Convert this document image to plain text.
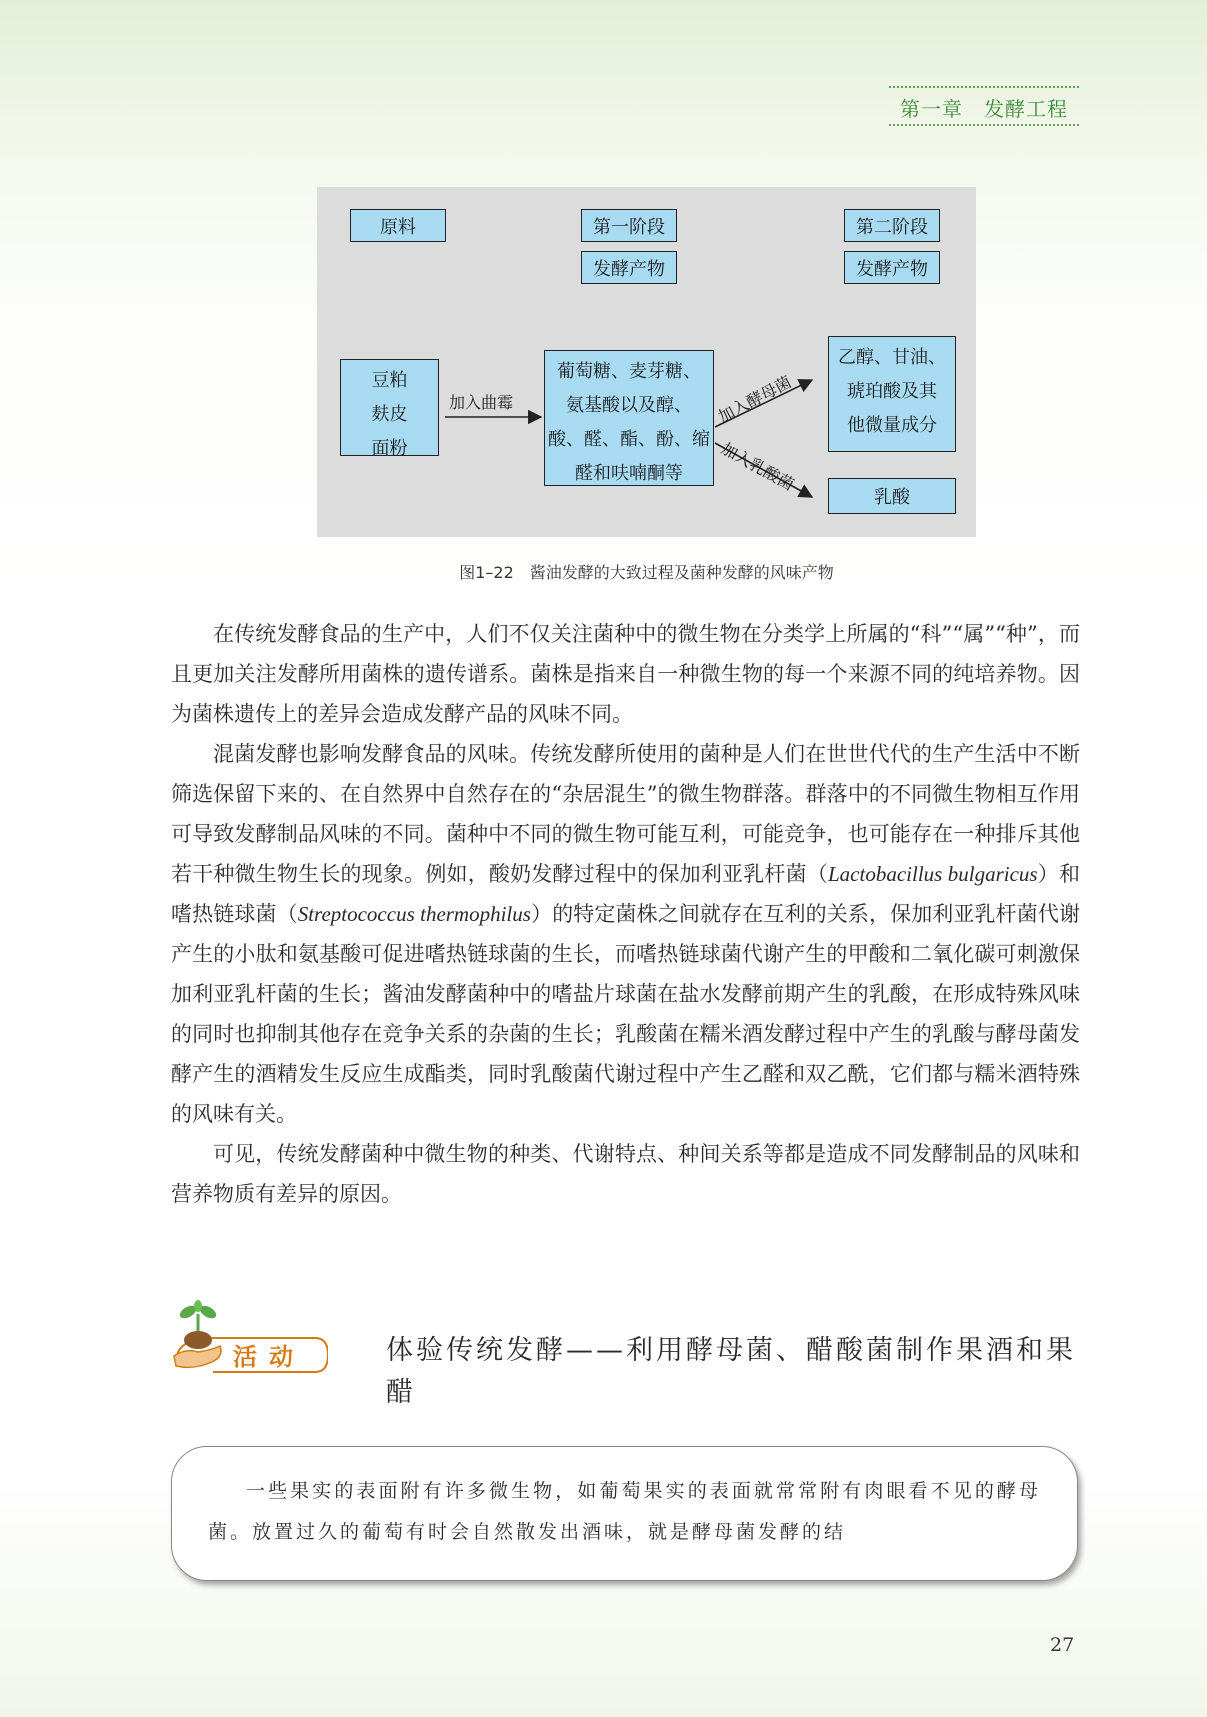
第一章　发酵工程
加入曲霉	加入酵母菌
加入乳酸菌
原料	第一阶段
发酵产物
第二阶段
发酵产物
豆粕
麸皮
面粉
葡萄糖、麦芽糖、
氨基酸以及醇、
酸、醛、酯、酚、缩
醛和呋喃酮等
乙醇、甘油、
琥珀酸及其
他微量成分
乳酸
图1–22　酱油发酵的大致过程及菌种发酵的风味产物

在传统发酵食品的生产中，人们不仅关注菌种中的微生物在分类学上所属的“科”“属”“种”，而且更加关注发酵所用菌株的遗传谱系。菌株是指来自一种微生物的每一个来源不同的纯培养物。因为菌株遗传上的差异会造成发酵产品的风味不同。

混菌发酵也影响发酵食品的风味。传统发酵所使用的菌种是人们在世世代代的生产生活中不断筛选保留下来的、在自然界中自然存在的“杂居混生”的微生物群落。群落中的不同微生物相互作用可导致发酵制品风味的不同。菌种中不同的微生物可能互利，可能竞争，也可能存在一种排斥其他若干种微生物生长的现象。例如，酸奶发酵过程中的保加利亚乳杆菌（Lactobacillus bulgaricus）和嗜热链球菌（Streptococcus thermophilus）的特定菌株之间就存在互利的关系，保加利亚乳杆菌代谢产生的小肽和氨基酸可促进嗜热链球菌的生长，而嗜热链球菌代谢产生的甲酸和二氧化碳可刺激保加利亚乳杆菌的生长；酱油发酵菌种中的嗜盐片球菌在盐水发酵前期产生的乳酸，在形成特殊风味的同时也抑制其他存在竞争关系的杂菌的生长；乳酸菌在糯米酒发酵过程中产生的乳酸与酵母菌发酵产生的酒精发生反应生成酯类，同时乳酸菌代谢过程中产生乙醛和双乙酰，它们都与糯米酒特殊的风味有关。

可见，传统发酵菌种中微生物的种类、代谢特点、种间关系等都是造成不同发酵制品的风味和营养物质有差异的原因。

活动	体验传统发酵——利用酵母菌、醋酸菌制作果酒和果醋

一些果实的表面附有许多微生物，如葡萄果实的表面就常常附有肉眼看不见的酵母菌。放置过久的葡萄有时会自然散发出酒味，就是酵母菌发酵的结

27
